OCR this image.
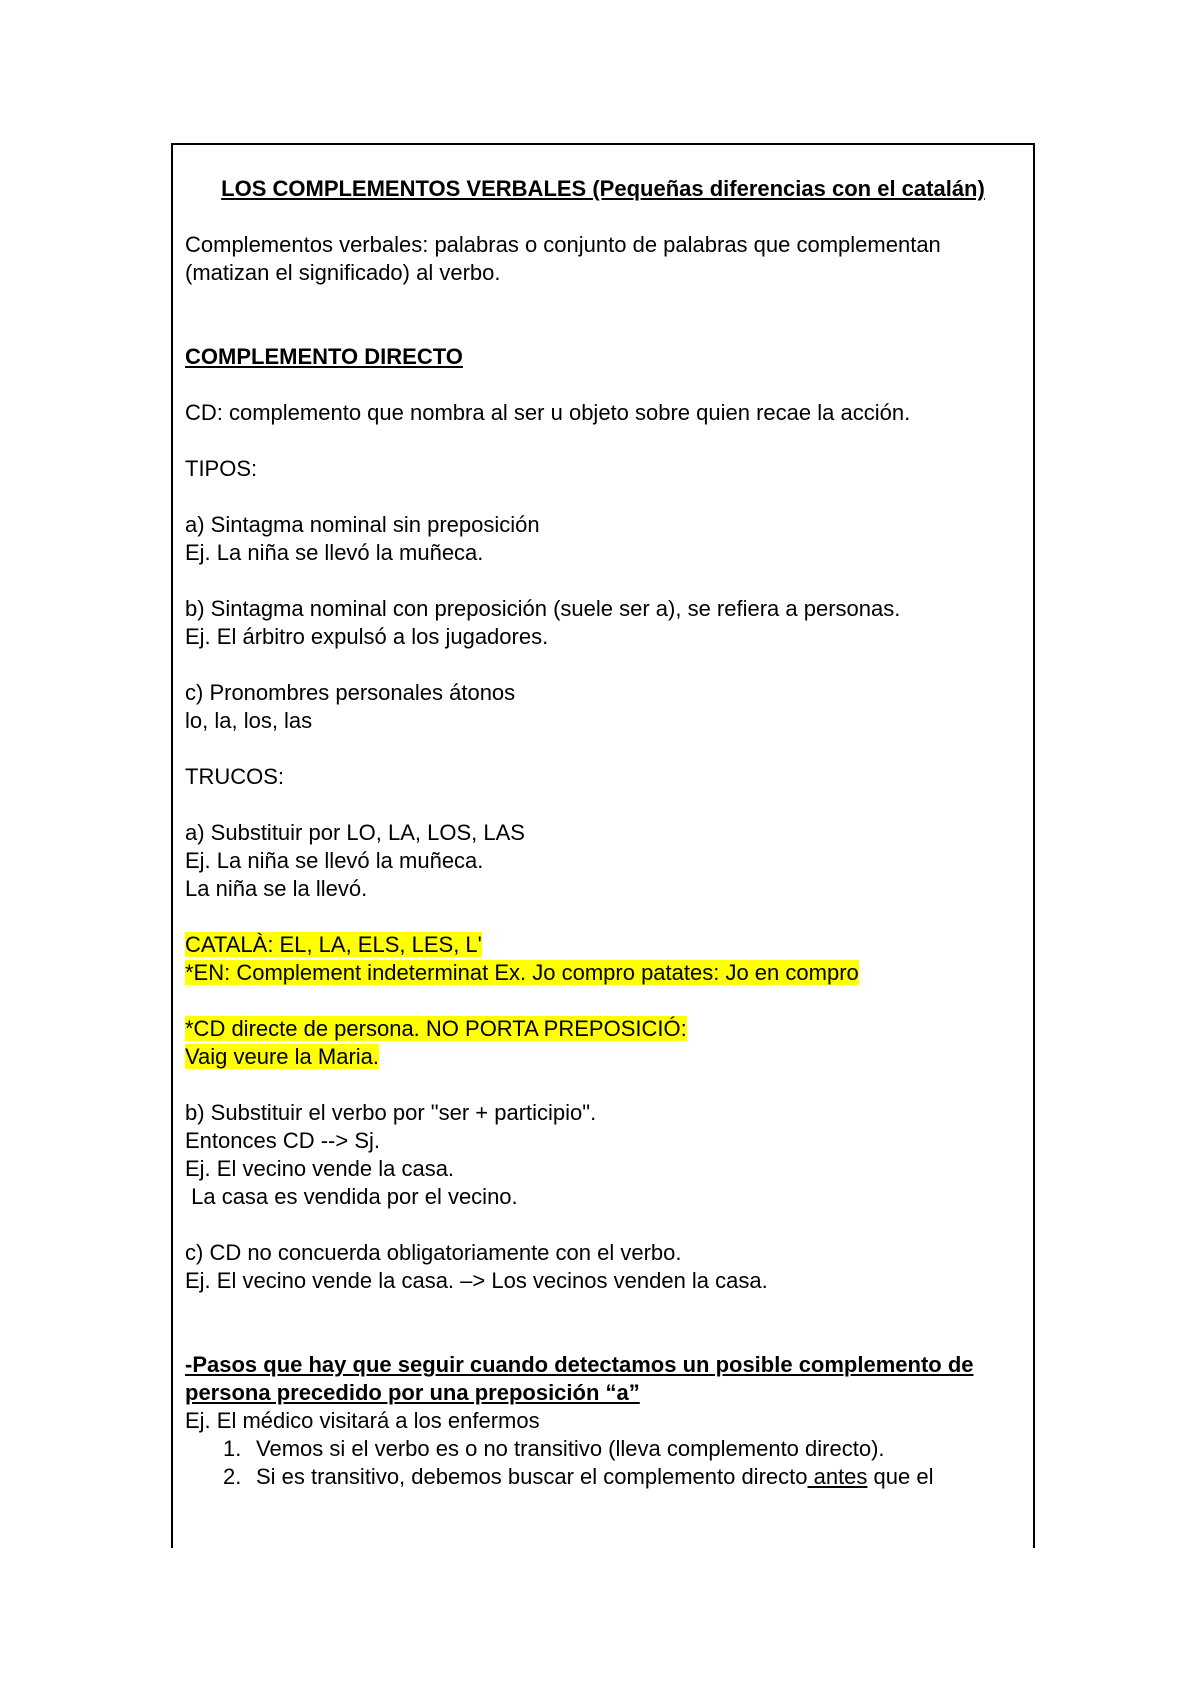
LOS COMPLEMENTOS VERBALES (Pequeñas diferencias con el catalán)
Complementos verbales: palabras o conjunto de palabras que complementan
(matizan el significado) al verbo.
COMPLEMENTO DIRECTO
CD: complemento que nombra al ser u objeto sobre quien recae la acción.
TIPOS:
a) Sintagma nominal sin preposición
Ej. La niña se llevó la muñeca.
b) Sintagma nominal con preposición (suele ser a), se refiera a personas.
Ej. El árbitro expulsó a los jugadores.
c) Pronombres personales átonos
lo, la, los, las
TRUCOS:
a) Substituir por LO, LA, LOS, LAS
Ej. La niña se llevó la muñeca.
La niña se la llevó.
CATALÀ: EL, LA, ELS, LES, L'
*EN: Complement indeterminat Ex. Jo compro patates: Jo en compro
*CD directe de persona. NO PORTA PREPOSICIÓ:
Vaig veure la Maria.
b) Substituir el verbo por "ser + participio".
Entonces CD --> Sj.
Ej. El vecino vende la casa.
La casa es vendida por el vecino.
c) CD no concuerda obligatoriamente con el verbo.
Ej. El vecino vende la casa. –> Los vecinos venden la casa.
-Pasos que hay que seguir cuando detectamos un posible complemento de persona precedido por una preposición “a”
Ej. El médico visitará a los enfermos
1. Vemos si el verbo es o no transitivo (lleva complemento directo).
2. Si es transitivo, debemos buscar el complemento directo antes que el
